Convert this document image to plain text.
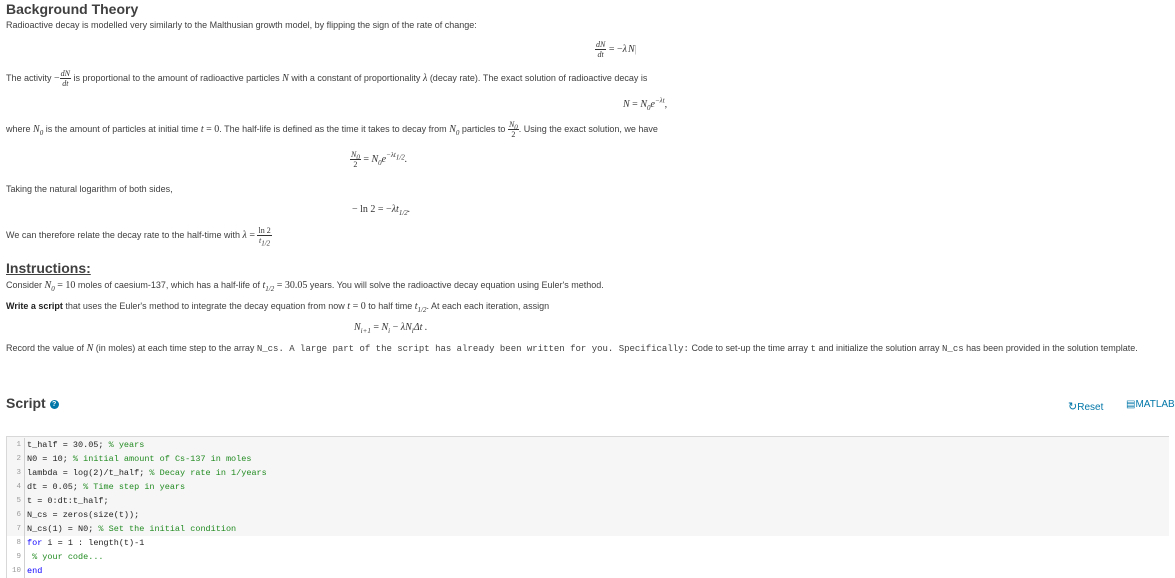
Background Theory
Radioactive decay is modelled very similarly to the Malthusian growth model, by flipping the sign of the rate of change:
$\frac{dN}{dt} = -\lambda N|$
The activity − $\frac{dN}{dt}$ is proportional to the amount of radioactive particles N with a constant of proportionality λ (decay rate). The exact solution of radioactive decay is
$N = N_0e^{-\lambda t}$,
where $N_0$ is the amount of particles at initial time t = 0. The half-life is defined as the time it takes to decay from $N_0$ particles to $\frac{N_0}{2}$ . Using the exact solution, we have
$\frac{N_0}{2} = N_0e^{-\lambda t_{1/2}}$.
Taking the natural logarithm of both sides,
− $\ln 2 = -\lambda t_{1/2}$.
We can therefore relate the decay rate to the half-time with $\lambda = \frac{\ln 2}{t_{1/2}}$
Instructions:
Consider $N_0 = 10$ moles of caesium-137, which has a half-life of $t_{1/2} = 30.05$ years. You will solve the radioactive decay equation using Euler's method.
Write a script that uses the Euler's method to integrate the decay equation from now t = 0 to half time $t_{1/2}$. At each each iteration, assign
$N_{i+1} = N_i - \lambda N_i\Delta t$ .
Record the value of N (in moles) at each time step to the array N_cs. A large part of the script has already been written for you. Specifically: Code to set-up the time array t and initialize the solution array N_cs has been provided in the solution template.
Script ?	↻Reset ▤MATLAB
1 t_half = 30.05; % years
2 N0 = 10; % initial amount of Cs-137 in moles
3 lambda = log(2)/t_half; % Decay rate in 1/years
4 dt = 0.05; % Time step in years
5 t = 0:dt:t_half;
6 N_cs = zeros(size(t));
7 N_cs(1) = N0; % Set the initial condition
8 for i = 1 : length(t)-1
9	% your code...
10 end
